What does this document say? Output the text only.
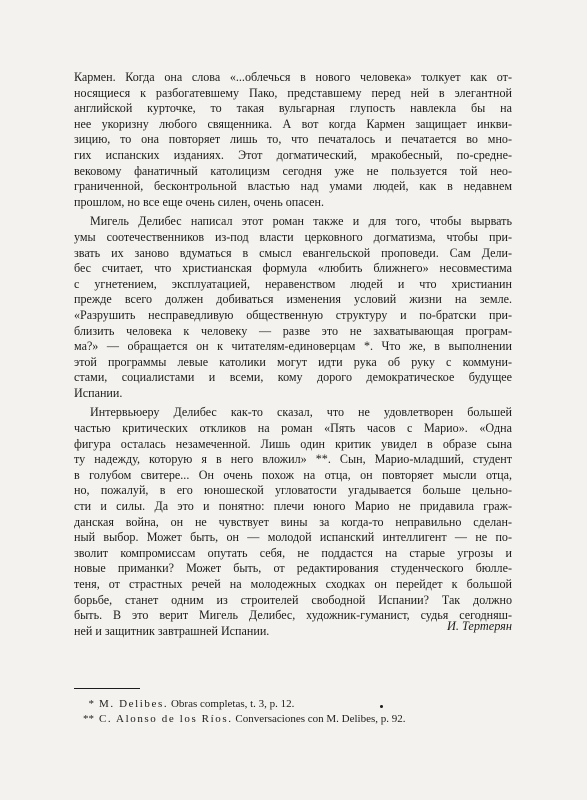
Кармен. Когда она слова «...облечься в нового человека» толкует как от-
носящиеся к разбогатевшему Пако, представшему перед ней в элегантной
английской курточке, то такая вульгарная глупость навлекла бы на
нее укоризну любого священника. А вот когда Кармен защищает инкви-
зицию, то она повторяет лишь то, что печаталось и печатается во мно-
гих испанских изданиях. Этот догматический, мракобесный, по-средне-
вековому фанатичный католицизм сегодня уже не пользуется той нео-
граниченной, бесконтрольной властью над умами людей, как в недавнем
прошлом, но все еще очень силен, очень опасен.
Мигель Делибес написал этот роман также и для того, чтобы вырвать
умы соотечественников из-под власти церковного догматизма, чтобы при-
звать их заново вдуматься в смысл евангельской проповеди. Сам Дели-
бес считает, что христианская формула «любить ближнего» несовместима
с угнетением, эксплуатацией, неравенством людей и что христианин
прежде всего должен добиваться изменения условий жизни на земле.
«Разрушить несправедливую общественную структуру и по-братски при-
близить человека к человеку — разве это не захватывающая програм-
ма?» — обращается он к читателям-единоверцам *. Что же, в выполнении
этой программы левые католики могут идти рука об руку с коммуни-
стами, социалистами и всеми, кому дорого демократическое будущее
Испании.
Интервьюеру Делибес как-то сказал, что не удовлетворен большей
частью критических откликов на роман «Пять часов с Марио». «Одна
фигура осталась незамеченной. Лишь один критик увидел в образе сына
ту надежду, которую я в него вложил» **. Сын, Марио-младший, студент
в голубом свитере... Он очень похож на отца, он повторяет мысли отца,
но, пожалуй, в его юношеской угловатости угадывается больше цельно-
сти и силы. Да это и понятно: плечи юного Марио не придавила граж-
данская война, он не чувствует вины за когда-то неправильно сделан-
ный выбор. Может быть, он — молодой испанский интеллигент — не по-
зволит компромиссам опутать себя, не поддастся на старые угрозы и
новые приманки? Может быть, от редактирования студенческого бюлле-
теня, от страстных речей на молодежных сходках он перейдет к большой
борьбе, станет одним из строителей свободной Испании? Так должно
быть. В это верит Мигель Делибес, художник-гуманист, судья сегодняш-
ней и защитник завтрашней Испании.	И. Тертерян
* M. Delibes. Obras completas, t. 3, p. 12.
** C. Alonso de los Ríos. Conversaciones con M. Delibes, p. 92.
